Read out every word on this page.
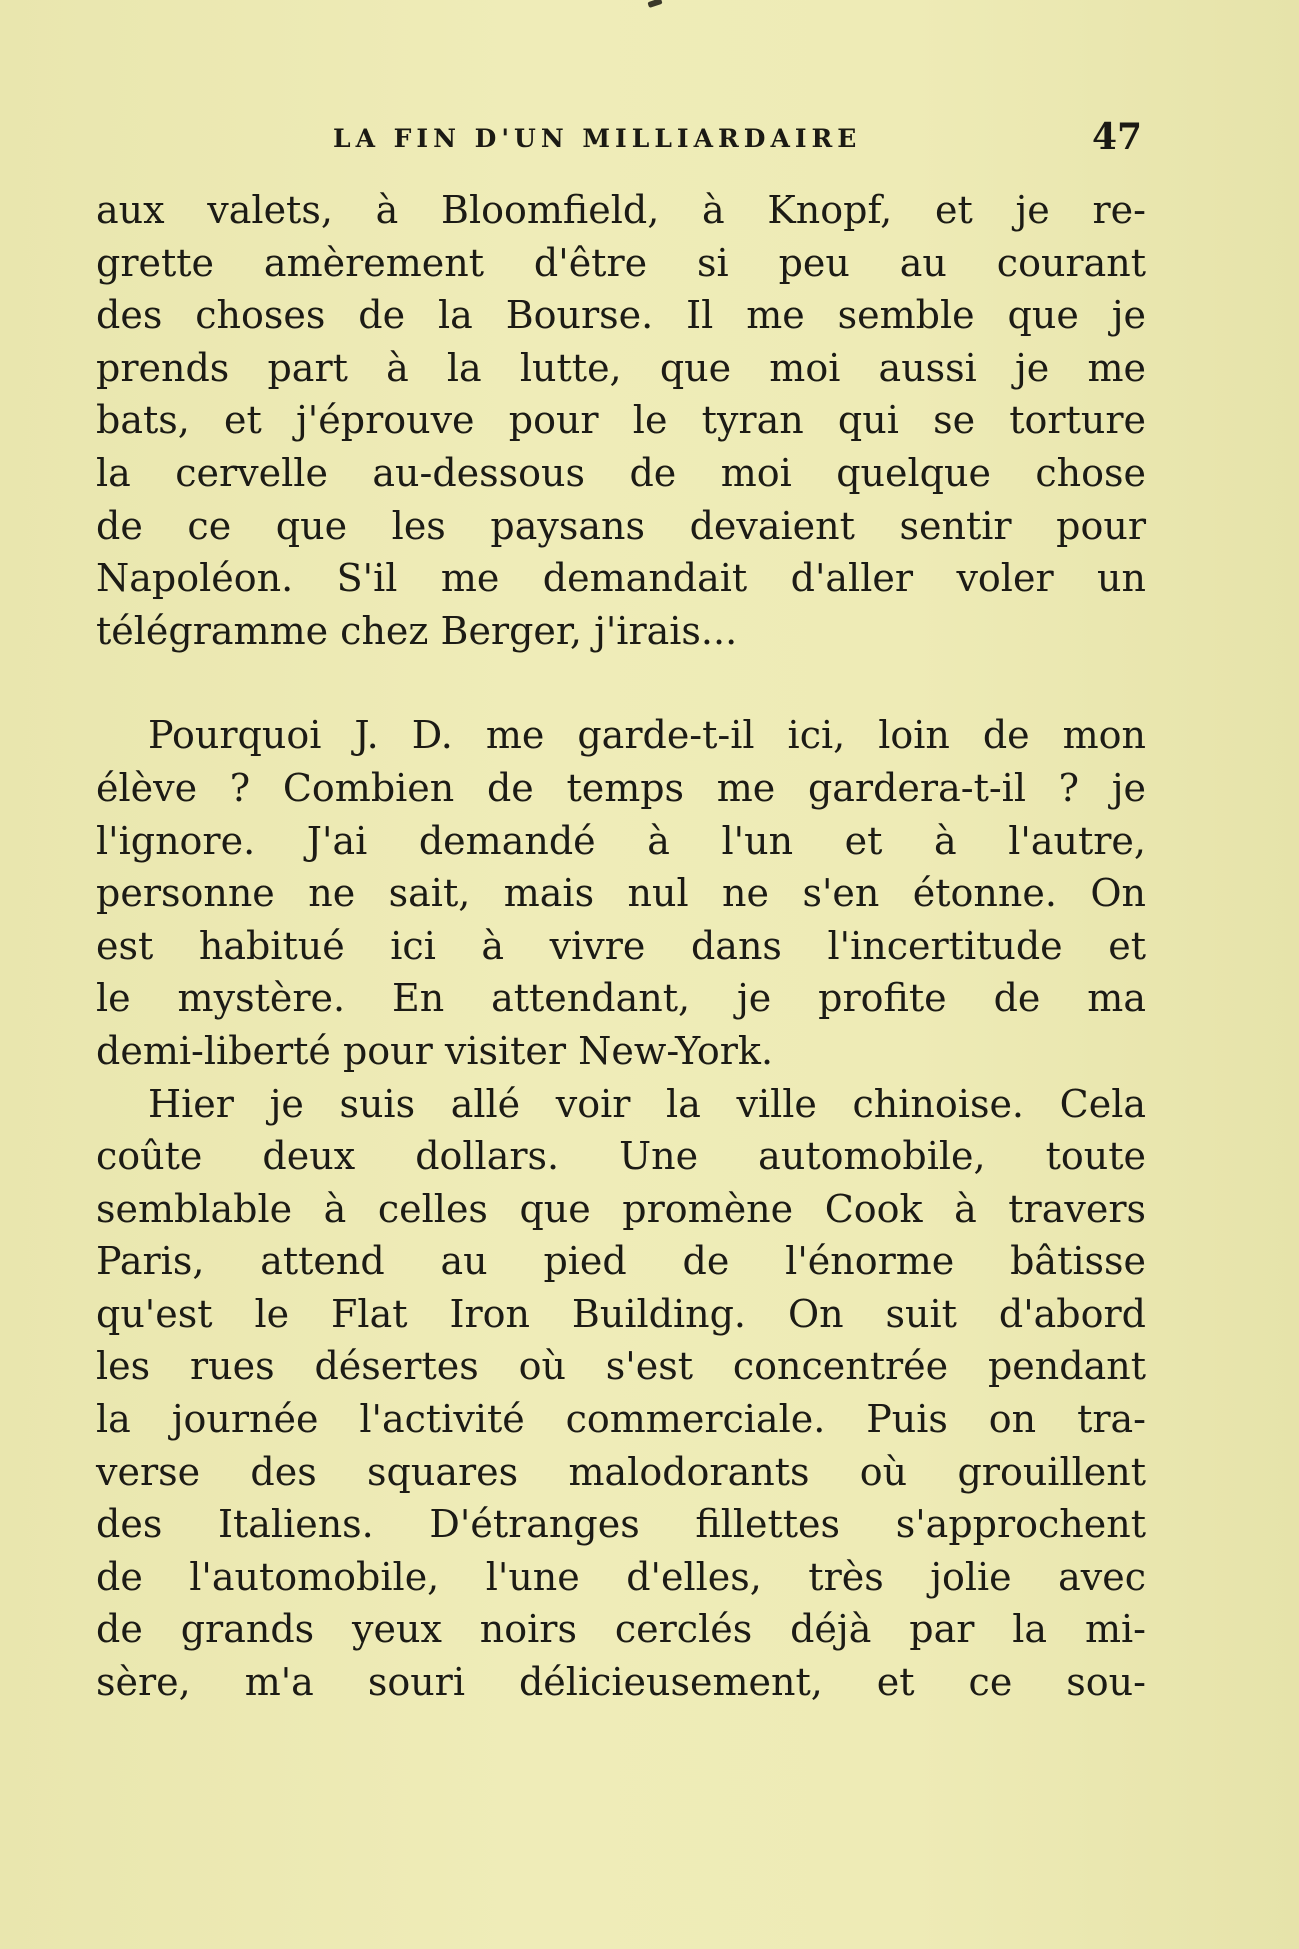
LA FIN D'UN MILLIARDAIRE	47

aux valets, à Bloomfield, à Knopf, et je re-
grette amèrement d'être si peu au courant
des choses de la Bourse. Il me semble que je
prends part à la lutte, que moi aussi je me
bats, et j'éprouve pour le tyran qui se torture
la cervelle au-dessous de moi quelque chose
de ce que les paysans devaient sentir pour
Napoléon. S'il me demandait d'aller voler un
télégramme chez Berger, j'irais...

Pourquoi J. D. me garde-t-il ici, loin de mon
élève ? Combien de temps me gardera-t-il ? je
l'ignore. J'ai demandé à l'un et à l'autre,
personne ne sait, mais nul ne s'en étonne. On
est habitué ici à vivre dans l'incertitude et
le mystère. En attendant, je profite de ma
demi-liberté pour visiter New-York.

Hier je suis allé voir la ville chinoise. Cela
coûte deux dollars. Une automobile, toute
semblable à celles que promène Cook à travers
Paris, attend au pied de l'énorme bâtisse
qu'est le Flat Iron Building. On suit d'abord
les rues désertes où s'est concentrée pendant
la journée l'activité commerciale. Puis on tra-
verse des squares malodorants où grouillent
des Italiens. D'étranges fillettes s'approchent
de l'automobile, l'une d'elles, très jolie avec
de grands yeux noirs cerclés déjà par la mi-
sère, m'a souri délicieusement, et ce sou-
